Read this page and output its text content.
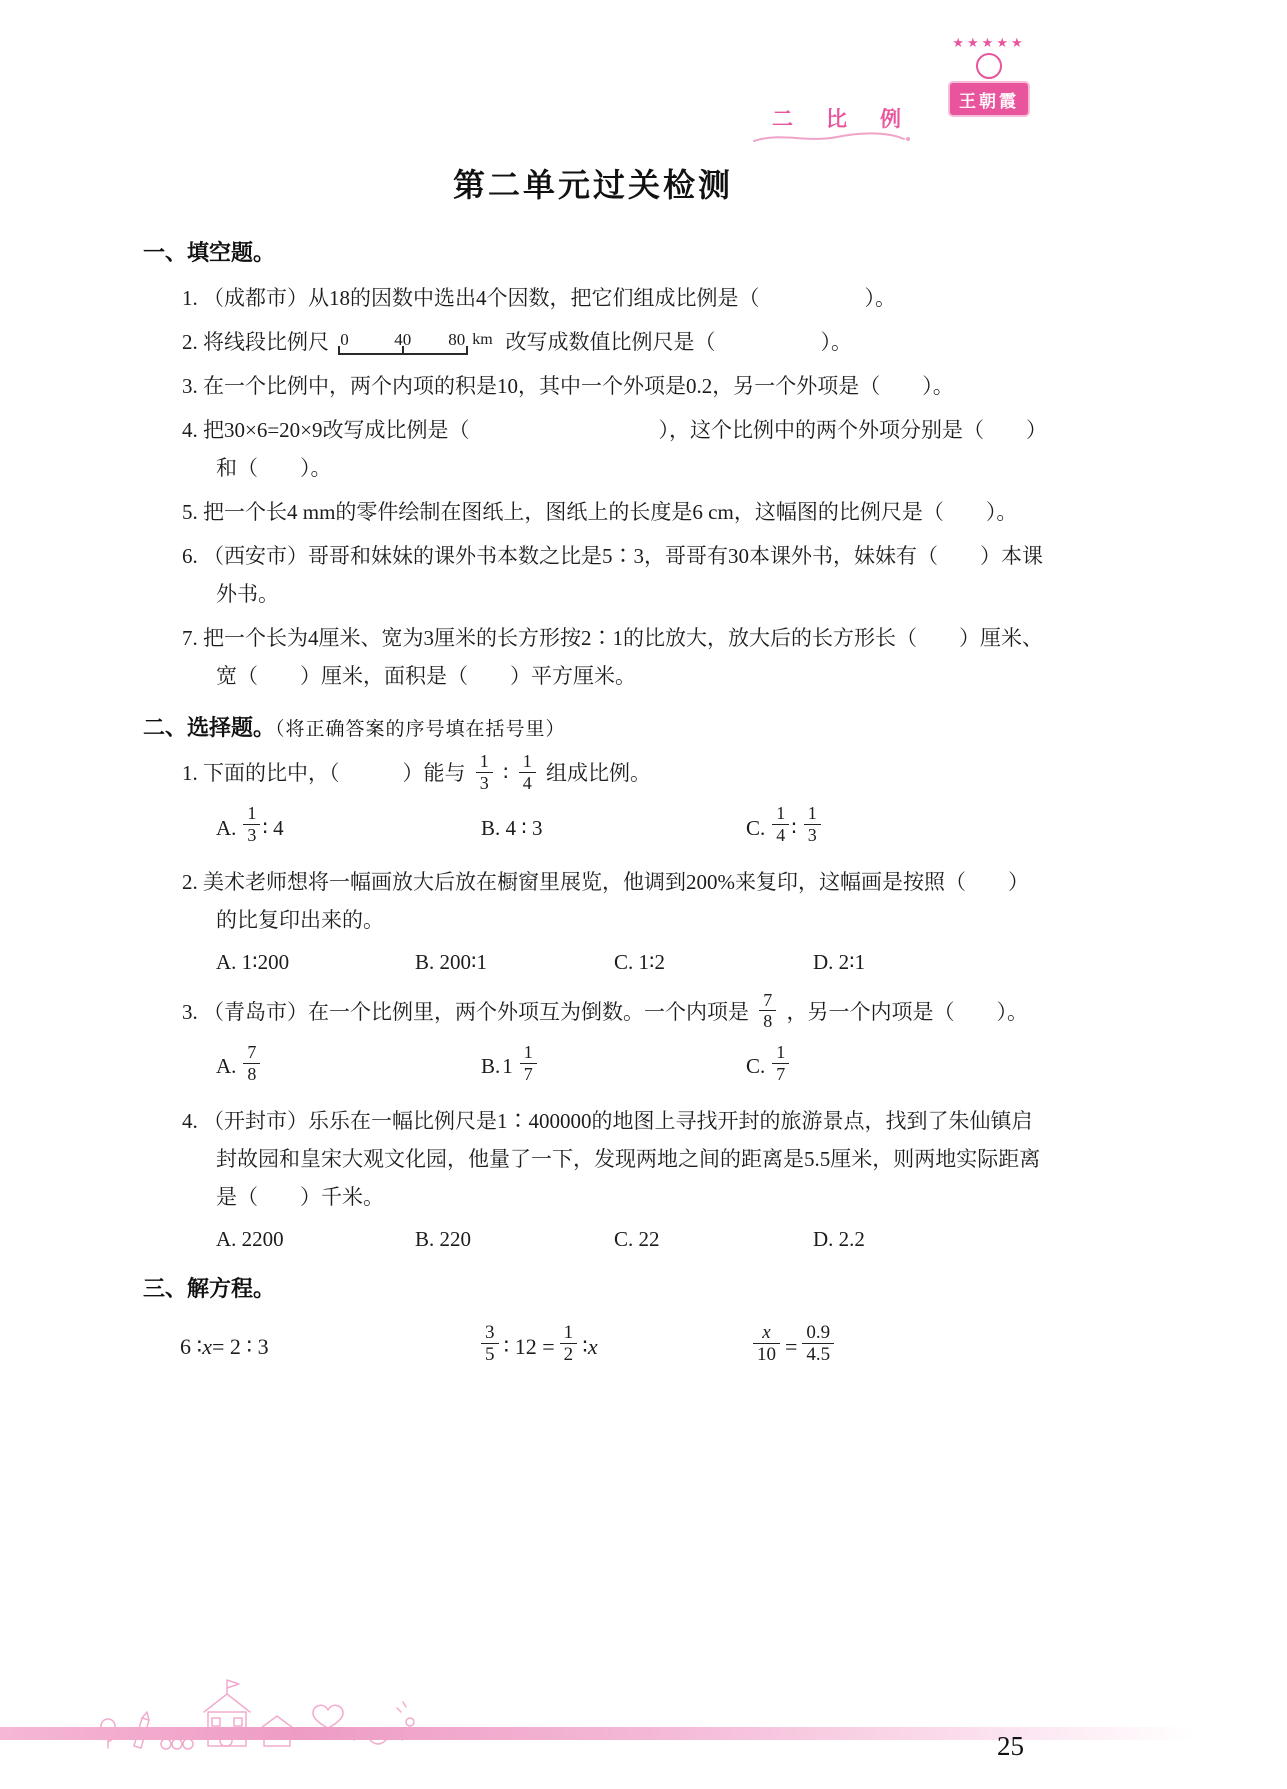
二　比　例
★★★★★
王朝霞
第二单元过关检测
一、填空题。
1. （成都市）从18的因数中选出4个因数，把它们组成比例是（　　　　　）。
2. 将线段比例尺 0	40 80 km 改写成数值比例尺是（　　　　　）。
3. 在一个比例中，两个内项的积是10，其中一个外项是0.2，另一个外项是（　　）。
4. 把30×6=20×9改写成比例是（　　　　　　　　　），这个比例中的两个外项分别是（　　）和（　　）。
5. 把一个长4 mm的零件绘制在图纸上，图纸上的长度是6 cm，这幅图的比例尺是（　　）。
6. （西安市）哥哥和妹妹的课外书本数之比是5∶3，哥哥有30本课外书，妹妹有（　　）本课外书。
7. 把一个长为4厘米、宽为3厘米的长方形按2∶1的比放大，放大后的长方形长（　　）厘米、宽（　　）厘米，面积是（　　）平方厘米。
二、选择题。（将正确答案的序号填在括号里）
1. 下面的比中，（　　　）能与 $\frac{1}{3}$ ∶ $\frac{1}{4}$ 组成比例。
A. $\frac{1}{3}$ ∶ 4	B. 4 ∶ 3	C. $\frac{1}{4}$ ∶ $\frac{1}{3}$
2. 美术老师想将一幅画放大后放在橱窗里展览，他调到200%来复印，这幅画是按照（　　）的比复印出来的。
A. 1∶200	B. 200∶1	C. 1∶2	D. 2∶1
3. （青岛市）在一个比例里，两个外项互为倒数。一个内项是 $\frac{7}{8}$ ，另一个内项是（　　）。
A. $\frac{7}{8}$	B. $1 \frac{1}{7}$	C. $\frac{1}{7}$
4. （开封市）乐乐在一幅比例尺是1∶400000的地图上寻找开封的旅游景点，找到了朱仙镇启封故园和皇宋大观文化园，他量了一下，发现两地之间的距离是5.5厘米，则两地实际距离是（　　）千米。
A. 2200	B. 220	C. 22	D. 2.2
三、解方程。
6 ∶ x = 2 ∶ 3	$\frac{3}{5}$ ∶ $12 = \frac{1}{2}$ ∶ x	$\frac{x}{10} = \frac{0.9}{4.5}$
25
